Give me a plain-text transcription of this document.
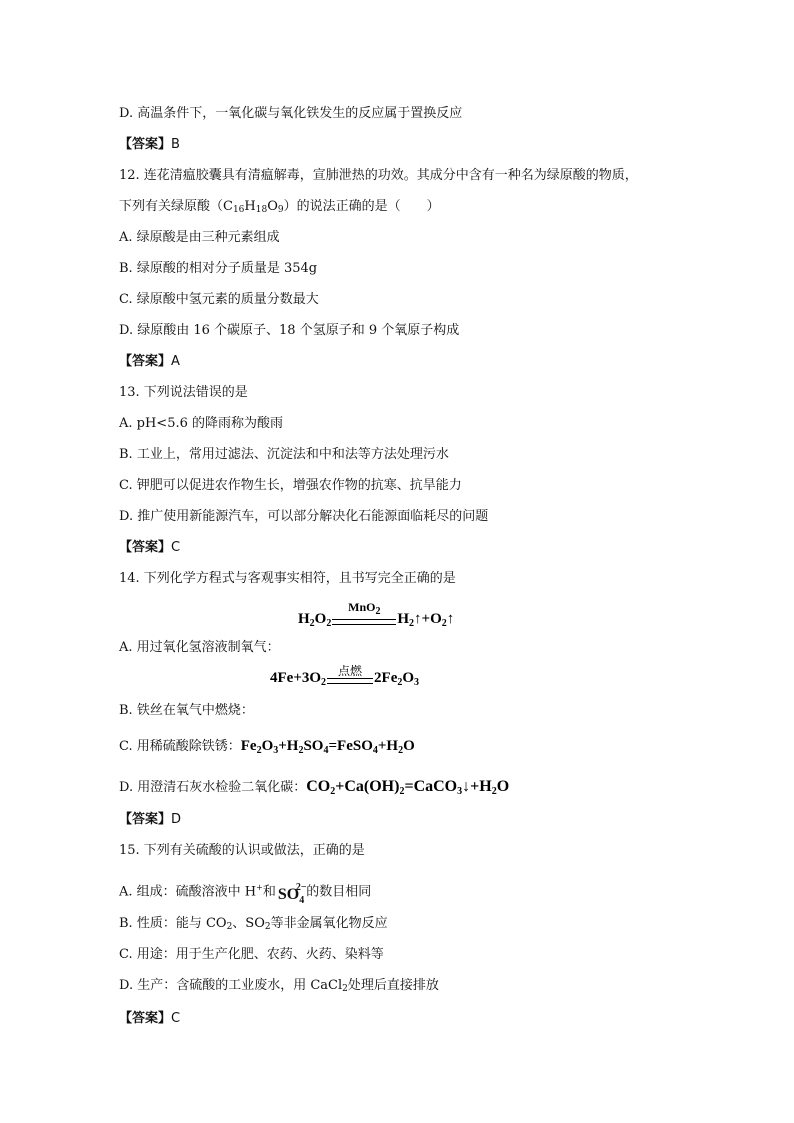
D. 高温条件下，一氧化碳与氧化铁发生的反应属于置换反应
【答案】B
12. 连花清瘟胶囊具有清瘟解毒，宣肺泄热的功效。其成分中含有一种名为绿原酸的物质，
下列有关绿原酸$(C_{16}H_{18}O_9)$的说法正确的是（　　）
A. 绿原酸是由三种元素组成
B. 绿原酸的相对分子质量是 354g
C. 绿原酸中氢元素的质量分数最大
D. 绿原酸由 16 个碳原子、18 个氢原子和 9 个氧原子构成
【答案】A
13. 下列说法错误的是
A. pH<5.6 的降雨称为酸雨
B. 工业上，常用过滤法、沉淀法和中和法等方法处理污水
C. 钾肥可以促进农作物生长，增强农作物的抗寒、抗旱能力
D. 推广使用新能源汽车，可以部分解决化石能源面临耗尽的问题
【答案】C
14. 下列化学方程式与客观事实相符，且书写完全正确的是
$H_2O_2$
MnO$_2$	$H_2↑+O_2↑$
A. 用过氧化氢溶液制氧气：
$4Fe+3O_2$
点燃 $2Fe_2O_3$
B. 铁丝在氧气中燃烧：
C. 用稀硫酸除铁锈：$Fe_2O_3+H_2SO_4=FeSO_4+H_2O$
D. 用澄清石灰水检验二氧化碳：$CO_2+Ca(OH)_2=CaCO_3↓+H_2O$
【答案】D
15. 下列有关硫酸的认识或做法，正确的是
A. 组成：硫酸溶液中 H+和 $SO_4$
2− 的数目相同
B. 性质：能与 $CO_2$、$SO_2$等非金属氧化物反应
C. 用途：用于生产化肥、农药、火药、染料等
D. 生产：含硫酸的工业废水，用 CaCl$_2$处理后直接排放
【答案】C
